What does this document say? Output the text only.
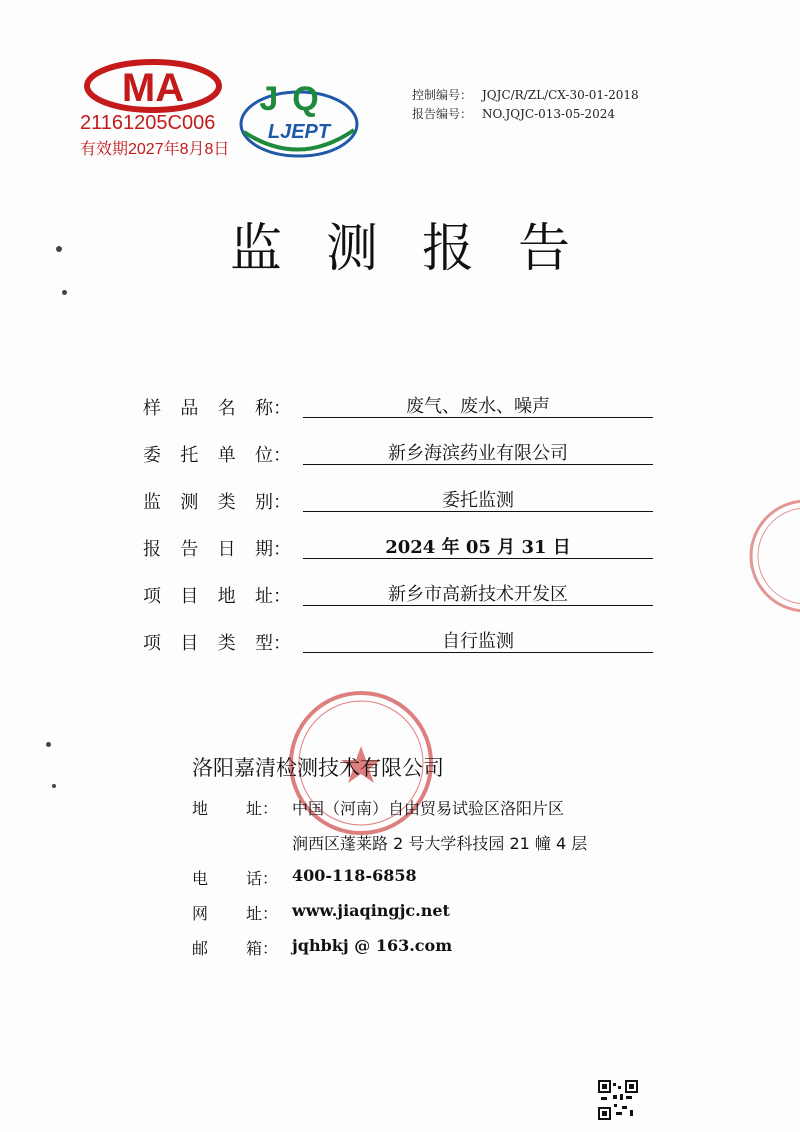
MA
21161205C006
有效期2027年8月8日
JQ
LJEPT
控制编号： JQJC/R/ZL/CX-30-01-2018
报告编号： NO.JQJC-013-05-2024
监测报告
样 品 名 称：	废气、废水、噪声
委 托 单 位：	新乡海滨药业有限公司
监 测 类 别：	委托监测
报 告 日 期：	2024 年 05 月 31 日
项 目 地 址：	新乡市高新技术开发区
项 目 类 型：	自行监测
洛阳嘉清检测技术有限公司
地 址： 中国（河南）自由贸易试验区洛阳片区
涧西区蓬莱路 2 号大学科技园 21 幢 4 层
电 话： 400-118-6858
网 址： www.jiaqingjc.net
邮 箱： jqhbkj @ 163.com
